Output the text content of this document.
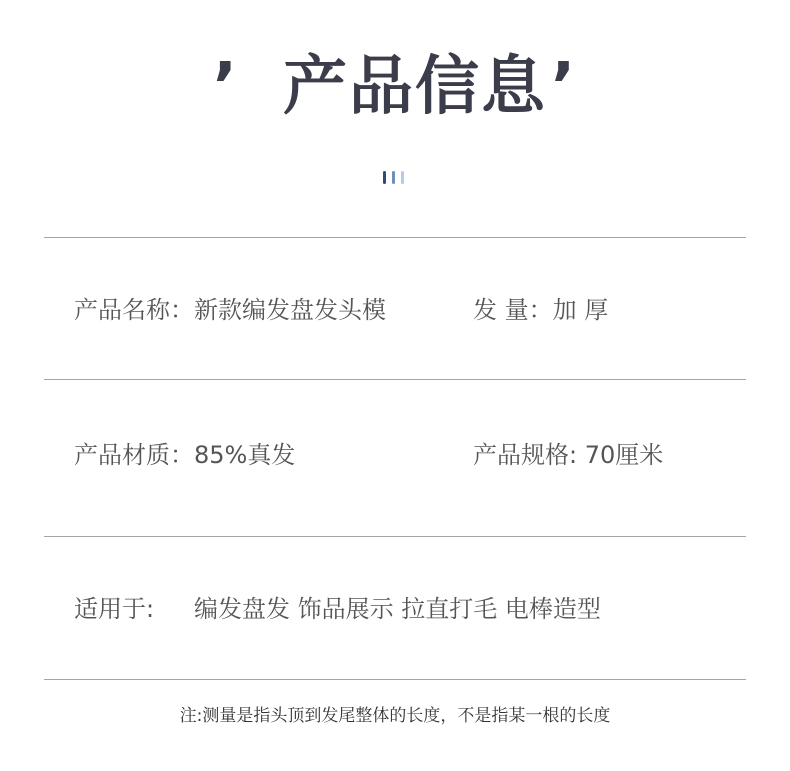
’ 产品信息’
产品名称：新款编发盘发头模	发 量：加 厚
产品材质：85%真发	产品规格: 70厘米
适用于: 编发盘发 饰品展示 拉直打毛 电棒造型
注:测量是指头顶到发尾整体的长度，不是指某一根的长度
